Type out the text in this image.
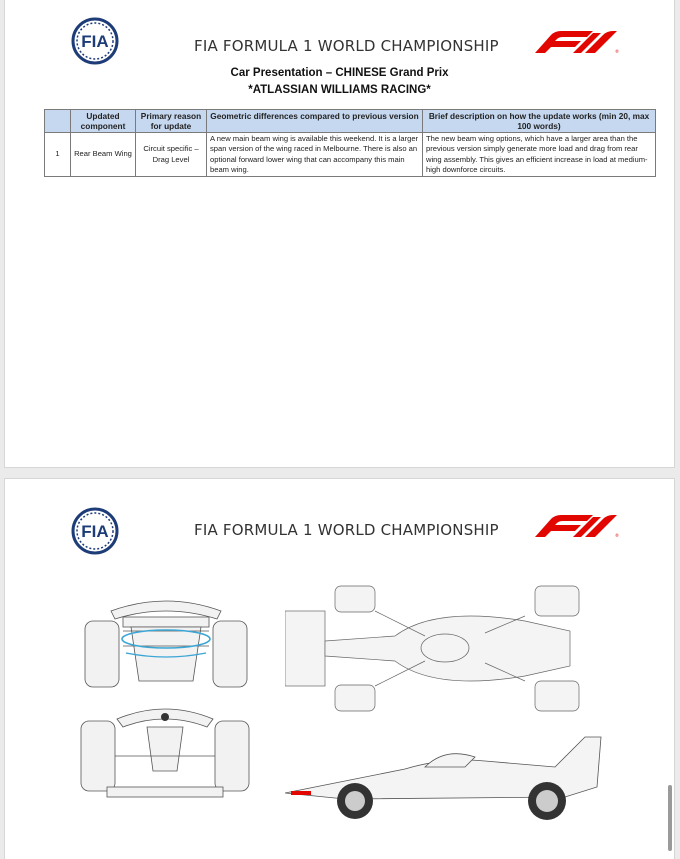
FIA	FIA FORMULA 1 WORLD CHAMPIONSHIP	®
Car Presentation – CHINESE Grand Prix
*ATLASSIAN WILLIAMS RACING*
	Updated component	Primary reason for update	Geometric differences compared to previous version	Brief description on how the update works (min 20, max 100 words)
1	Rear Beam Wing	Circuit specific – Drag Level	A new main beam wing is available this weekend. It is a larger span version of the wing raced in Melbourne. There is also an optional forward lower wing that can accompany this main beam wing.	The new beam wing options, which have a larger area than the previous version simply generate more load and drag from rear wing assembly. This gives an efficient increase in load at medium-high downforce circuits.
FIA	FIA FORMULA 1 WORLD CHAMPIONSHIP	®
